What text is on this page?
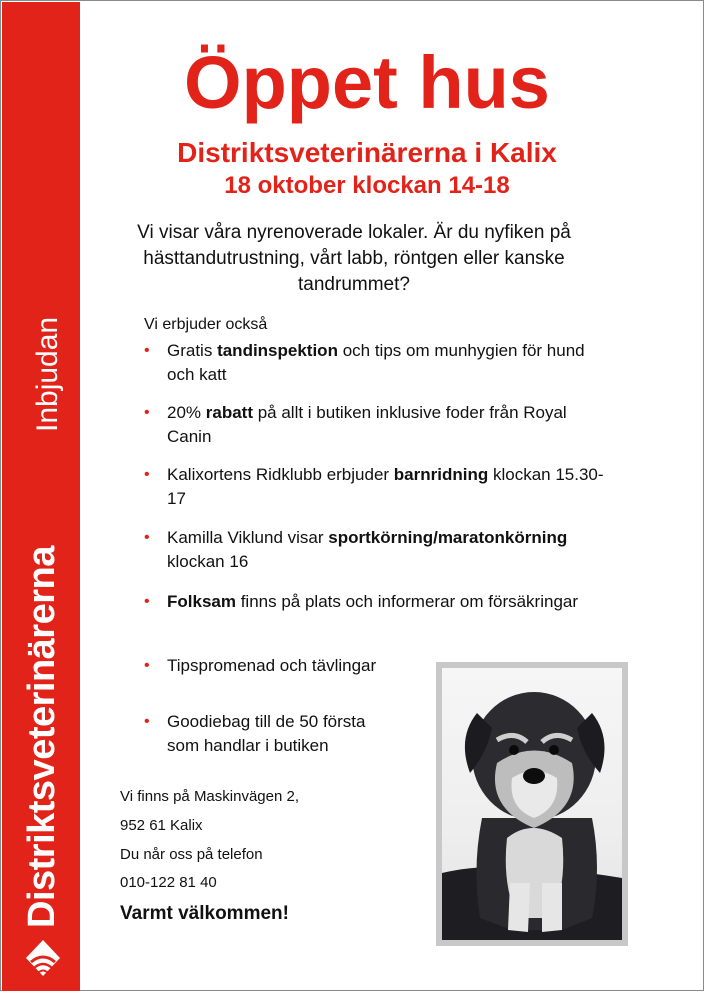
Inbjudan
Distriktsveterinärerna
Öppet hus
Distriktsveterinärerna i Kalix
18 oktober klockan 14-18
Vi visar våra nyrenoverade lokaler. Är du nyfiken på hästtandutrustning, vårt labb, röntgen eller kanske tandrummet?
Vi erbjuder också
• Gratis tandinspektion och tips om munhygien för hund och katt
• 20% rabatt på allt i butiken inklusive foder från Royal Canin
• Kalixortens Ridklubb erbjuder barnridning klockan 15.30-17
• Kamilla Viklund visar sportkörning/maratonkörning klockan 16
• Folksam finns på plats och informerar om försäkringar
• Tipspromenad och tävlingar
• Goodiebag till de 50 första
som handlar i butiken
Vi finns på Maskinvägen 2,
952 61 Kalix
Du når oss på telefon
010-122 81 40
Varmt välkommen!
